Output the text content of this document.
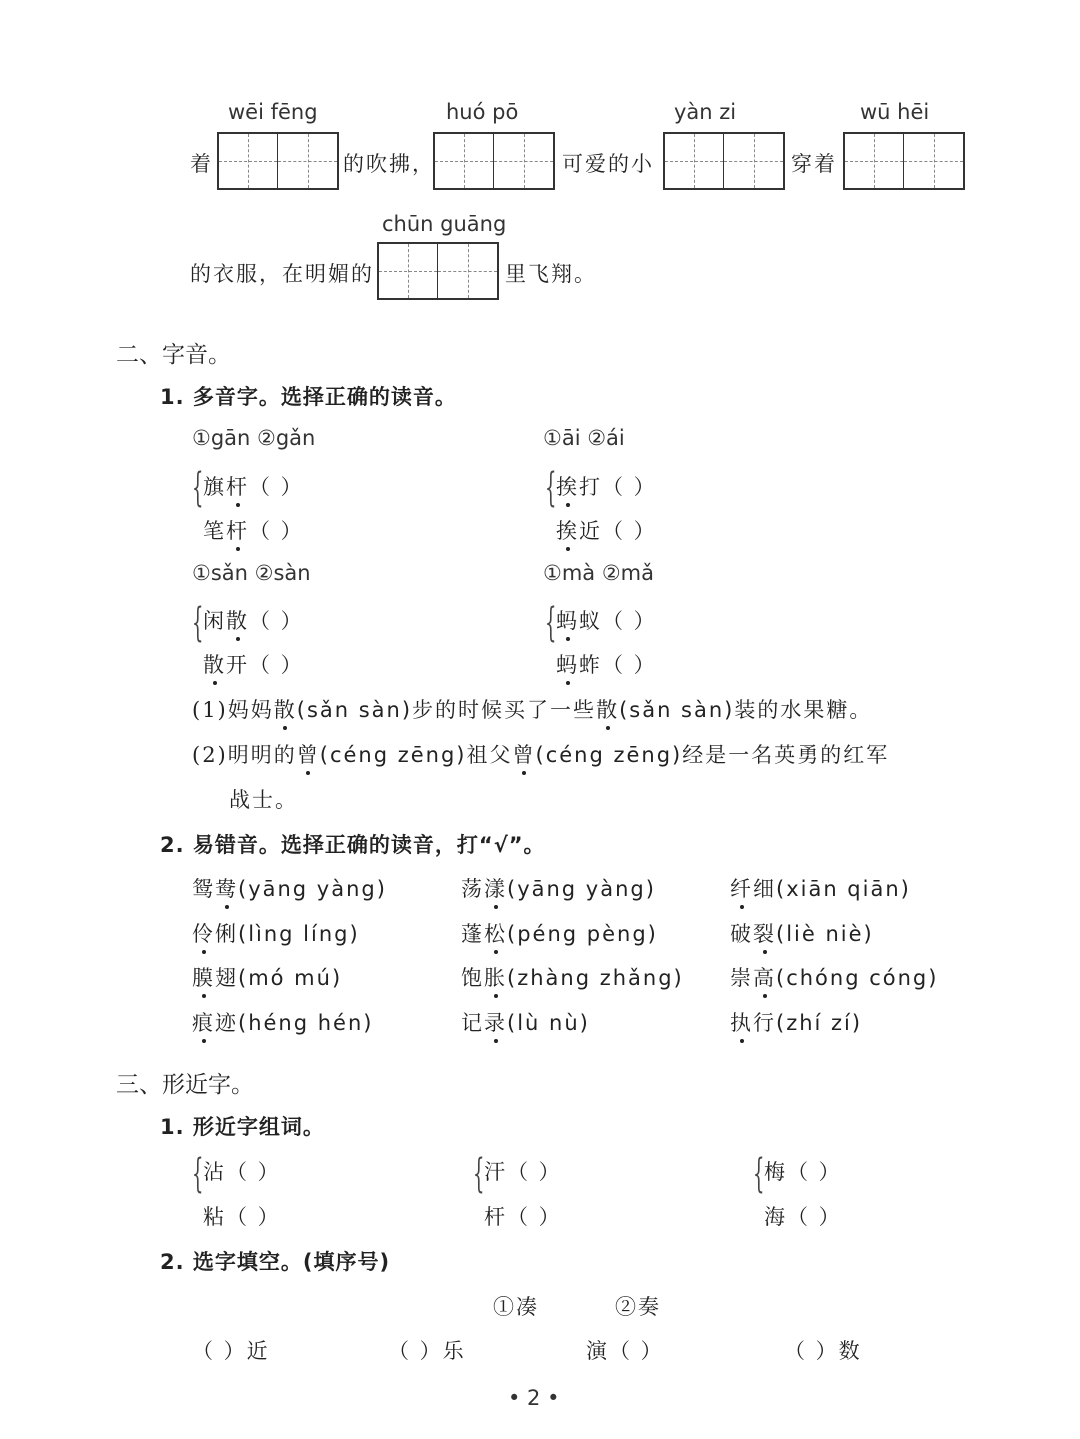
wēi fēng	huó pō	yàn zi	wū hēi
着	的吹拂，	可爱的小	穿着
chūn guāng
的衣服，在明媚的	里飞翔。
二、字音。
1. 多音字。选择正确的读音。
①gān ②gǎn
{ 旗杆（ ）
笔杆（ ）
①āi ②ái
{ 挨打（ ）
挨近（ ）
①sǎn ②sàn
{ 闲散（ ）
散开（ ）
①mà ②mǎ
{ 蚂蚁（ ）
蚂蚱（ ）
(1)妈妈散(sǎn sàn)步的时候买了一些散(sǎn sàn)装的水果糖。
(2)明明的曾(céng zēng)祖父曾(céng zēng)经是一名英勇的红军
战士。
2. 易错音。选择正确的读音，打“√”。
鸳鸯(yāng yàng)	荡漾(yāng yàng)	纤细(xiān qiān)
伶俐(lìng líng)	蓬松(péng pèng)	破裂(liè niè)
膜翅(mó mú)	饱胀(zhàng zhǎng) 崇高(chóng cóng)
痕迹(héng hén)	记录(lù nù)	执行(zhí zí)
三、形近字。
1. 形近字组词。
{ 沾（ ）
粘（ ）
{ 汗（ ）
杆（ ）
{ 梅（ ）
海（ ）
2. 选字填空。(填序号)
①凑	②奏
（ ）近	（ ）乐	演（ ）	（ ）数
• 2 •
